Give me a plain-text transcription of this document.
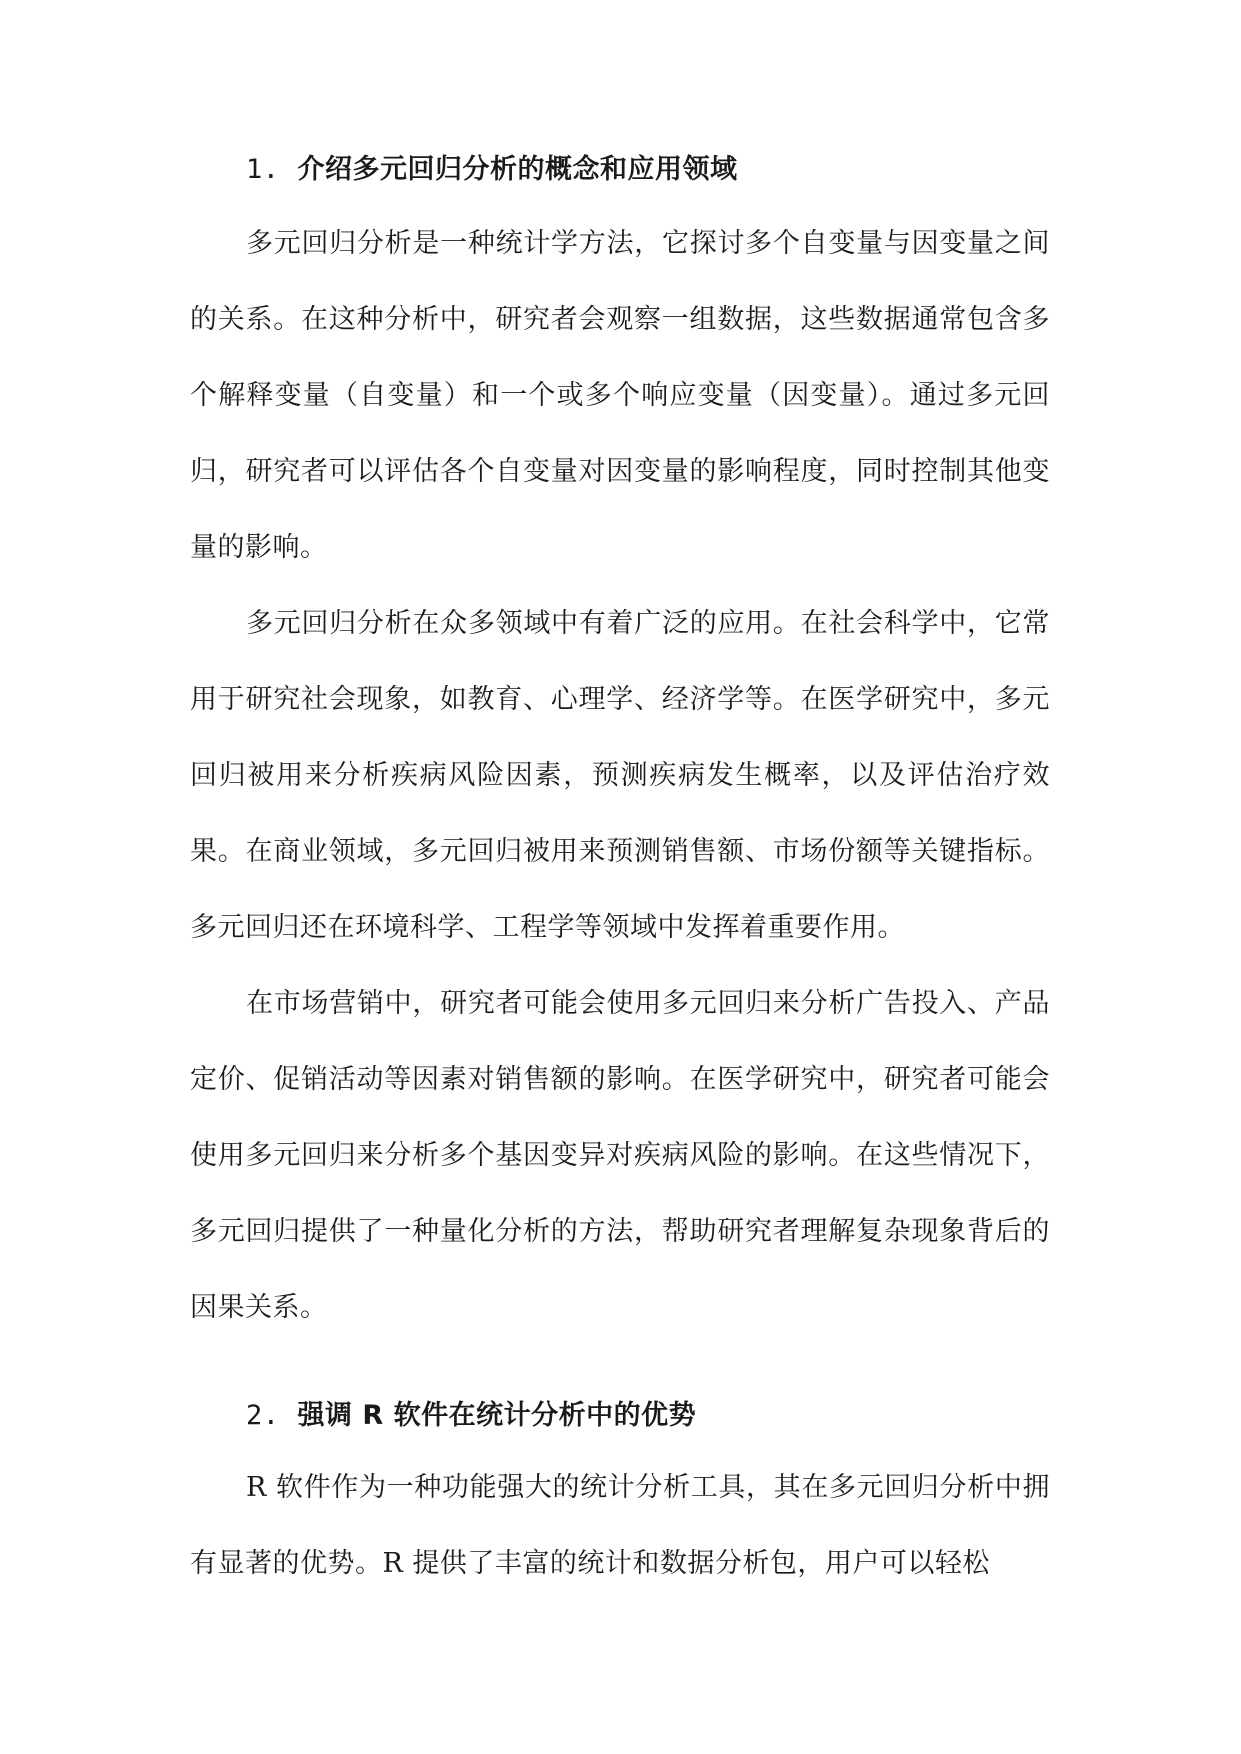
1. 介绍多元回归分析的概念和应用领域

多元回归分析是一种统计学方法，它探讨多个自变量与因变量之间的关系。在这种分析中，研究者会观察一组数据，这些数据通常包含多个解释变量（自变量）和一个或多个响应变量（因变量）。通过多元回归，研究者可以评估各个自变量对因变量的影响程度，同时控制其他变量的影响。

多元回归分析在众多领域中有着广泛的应用。在社会科学中，它常用于研究社会现象，如教育、心理学、经济学等。在医学研究中，多元回归被用来分析疾病风险因素，预测疾病发生概率，以及评估治疗效果。在商业领域，多元回归被用来预测销售额、市场份额等关键指标。多元回归还在环境科学、工程学等领域中发挥着重要作用。

在市场营销中，研究者可能会使用多元回归来分析广告投入、产品定价、促销活动等因素对销售额的影响。在医学研究中，研究者可能会使用多元回归来分析多个基因变异对疾病风险的影响。在这些情况下，多元回归提供了一种量化分析的方法，帮助研究者理解复杂现象背后的因果关系。

2. 强调 R 软件在统计分析中的优势

R 软件作为一种功能强大的统计分析工具，其在多元回归分析中拥有显著的优势。R 提供了丰富的统计和数据分析包，用户可以轻松
